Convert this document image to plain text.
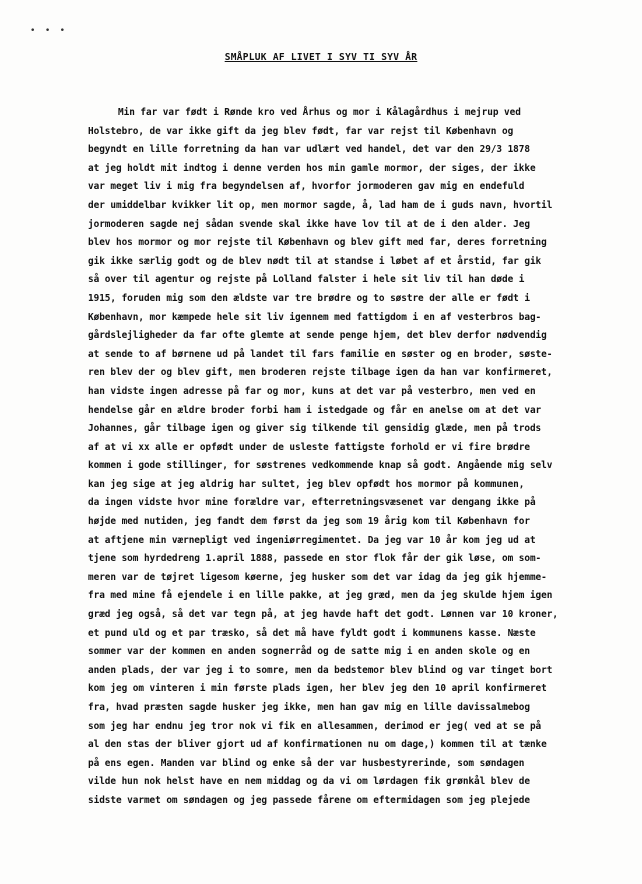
• • •
SMÅPLUK AF LIVET I SYV TI SYV ÅR
Min far var født i Rønde kro ved Århus og mor i Kålagårdhus i mejrup ved
Holstebro, de var ikke gift da jeg blev født, far var rejst til København og
begyndt en lille forretning da han var udlært ved handel, det var den 29/3 1878
at jeg holdt mit indtog i denne verden hos min gamle mormor, der siges, der ikke
var meget liv i mig fra begyndelsen af, hvorfor jormoderen gav mig en endefuld
der umiddelbar kvikker lit op, men mormor sagde, å, lad ham de i guds navn, hvortil
jormoderen sagde nej sådan svende skal ikke have lov til at de i den alder. Jeg
blev hos mormor og mor rejste til København og blev gift med far, deres forretning
gik ikke særlig godt og de blev nødt til at standse i løbet af et årstid, far gik
så over til agentur og rejste på Lolland falster i hele sit liv til han døde i
1915, foruden mig som den ældste var tre brødre og to søstre der alle er født i
København, mor kæmpede hele sit liv igennem med fattigdom i en af vesterbros bag-
gårdslejligheder da far ofte glemte at sende penge hjem, det blev derfor nødvendig
at sende to af børnene ud på landet til fars familie en søster og en broder, søste-
ren blev der og blev gift, men broderen rejste tilbage igen da han var konfirmeret,
han vidste ingen adresse på far og mor, kuns at det var på vesterbro, men ved en
hendelse går en ældre broder forbi ham i istedgade og får en anelse om at det var
Johannes, går tilbage igen og giver sig tilkende til gensidig glæde, men på trods
af at vi xx alle er opfødt under de usleste fattigste forhold er vi fire brødre
kommen i gode stillinger, for søstrenes vedkommende knap så godt. Angående mig selv
kan jeg sige at jeg aldrig har sultet, jeg blev opfødt hos mormor på kommunen,
da ingen vidste hvor mine forældre var, efterretningsvæsenet var dengang ikke på
højde med nutiden, jeg fandt dem først da jeg som 19 årig kom til København for
at aftjene min værnepligt ved ingeniørregimentet. Da jeg var 10 år kom jeg ud at
tjene som hyrdedreng 1.april 1888, passede en stor flok får der gik løse, om som-
meren var de tøjret ligesom køerne, jeg husker som det var idag da jeg gik hjemme-
fra med mine få ejendele i en lille pakke, at jeg græd, men da jeg skulde hjem igen
græd jeg også, så det var tegn på, at jeg havde haft det godt. Lønnen var 10 kroner,
et pund uld og et par træsko, så det må have fyldt godt i kommunens kasse. Næste
sommer var der kommen en anden sognerråd og de satte mig i en anden skole og en
anden plads, der var jeg i to somre, men da bedstemor blev blind og var tinget bort
kom jeg om vinteren i min første plads igen, her blev jeg den 10 april konfirmeret
fra, hvad præsten sagde husker jeg ikke, men han gav mig en lille davissalmebog
som jeg har endnu jeg tror nok vi fik en allesammen, derimod er jeg( ved at se på
al den stas der bliver gjort ud af konfirmationen nu om dage,) kommen til at tænke
på ens egen. Manden var blind og enke så der var husbestyrerinde, som søndagen
vilde hun nok helst have en nem middag og da vi om lørdagen fik grønkål blev de
sidste varmet om søndagen og jeg passede fårene om eftermidagen som jeg plejede
